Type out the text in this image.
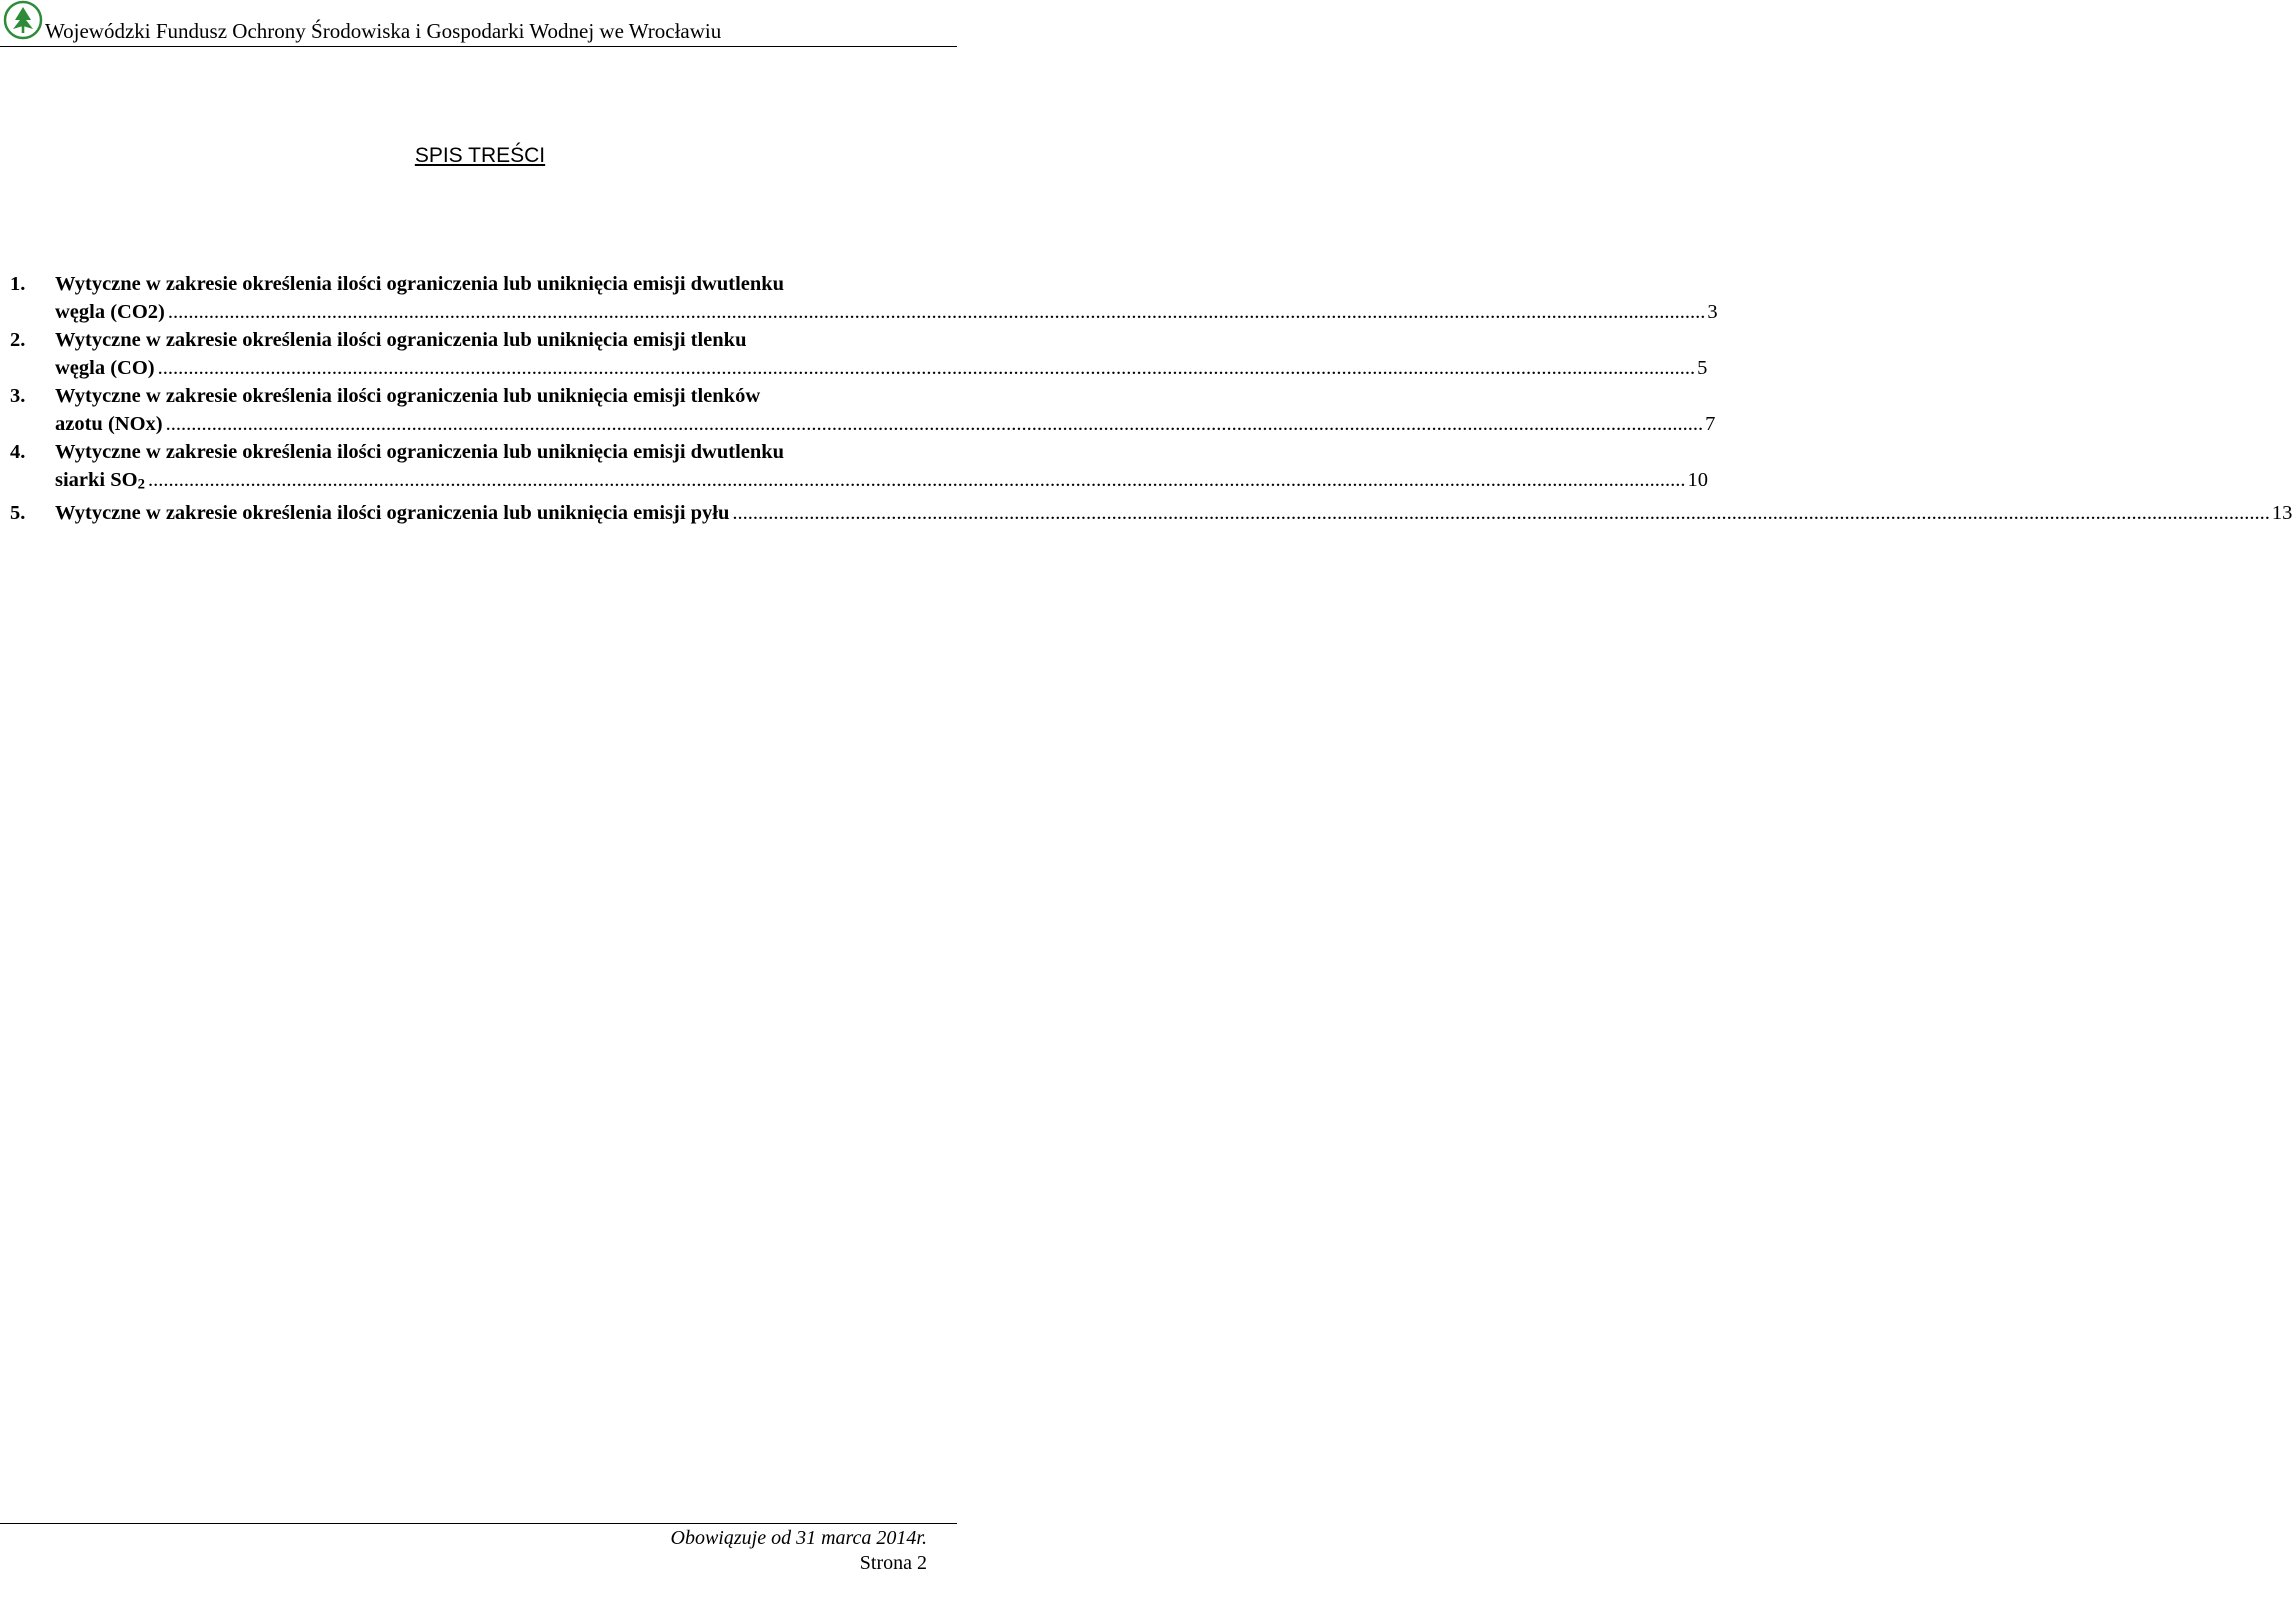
Wojewódzki Fundusz Ochrony Środowiska i Gospodarki Wodnej we Wrocławiu
SPIS TREŚCI
1. Wytyczne w zakresie określenia ilości ograniczenia lub uniknięcia emisji dwutlenku
węgla (CO2) ............................................................................................................................................................................................................................................................................................................ 3
2. Wytyczne w zakresie określenia ilości ograniczenia lub uniknięcia emisji tlenku
węgla (CO) ............................................................................................................................................................................................................................................................................................................ 5
3. Wytyczne w zakresie określenia ilości ograniczenia lub uniknięcia emisji tlenków
azotu (NOx) ............................................................................................................................................................................................................................................................................................................ 7
4. Wytyczne w zakresie określenia ilości ograniczenia lub uniknięcia emisji dwutlenku
siarki SO2 ............................................................................................................................................................................................................................................................................................................ 10
5. Wytyczne w zakresie określenia ilości ograniczenia lub uniknięcia emisji pyłu ............................................................................................................................................................................................................................................................................................................ 13
Obowiązuje od 31 marca 2014r.
Strona 2
